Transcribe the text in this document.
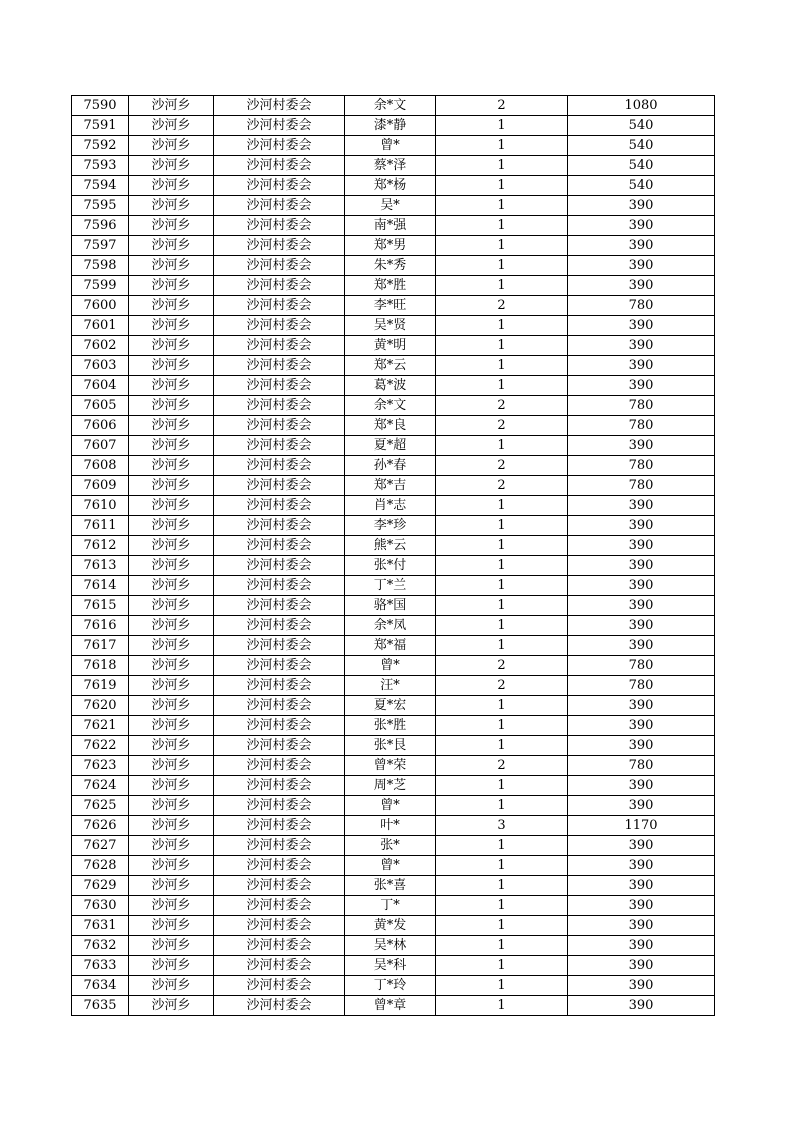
7590	沙河乡	沙河村委会	余*文	2	1080
7591	沙河乡	沙河村委会	漆*静	1	540
7592	沙河乡	沙河村委会	曾*	1	540
7593	沙河乡	沙河村委会	蔡*泽	1	540
7594	沙河乡	沙河村委会	郑*杨	1	540
7595	沙河乡	沙河村委会	吴*	1	390
7596	沙河乡	沙河村委会	南*强	1	390
7597	沙河乡	沙河村委会	郑*男	1	390
7598	沙河乡	沙河村委会	朱*秀	1	390
7599	沙河乡	沙河村委会	郑*胜	1	390
7600	沙河乡	沙河村委会	李*旺	2	780
7601	沙河乡	沙河村委会	吴*贤	1	390
7602	沙河乡	沙河村委会	黄*明	1	390
7603	沙河乡	沙河村委会	郑*云	1	390
7604	沙河乡	沙河村委会	葛*波	1	390
7605	沙河乡	沙河村委会	余*文	2	780
7606	沙河乡	沙河村委会	郑*良	2	780
7607	沙河乡	沙河村委会	夏*超	1	390
7608	沙河乡	沙河村委会	孙*春	2	780
7609	沙河乡	沙河村委会	郑*吉	2	780
7610	沙河乡	沙河村委会	肖*志	1	390
7611	沙河乡	沙河村委会	李*珍	1	390
7612	沙河乡	沙河村委会	熊*云	1	390
7613	沙河乡	沙河村委会	张*付	1	390
7614	沙河乡	沙河村委会	丁*兰	1	390
7615	沙河乡	沙河村委会	骆*国	1	390
7616	沙河乡	沙河村委会	余*凤	1	390
7617	沙河乡	沙河村委会	郑*福	1	390
7618	沙河乡	沙河村委会	曾*	2	780
7619	沙河乡	沙河村委会	汪*	2	780
7620	沙河乡	沙河村委会	夏*宏	1	390
7621	沙河乡	沙河村委会	张*胜	1	390
7622	沙河乡	沙河村委会	张*艮	1	390
7623	沙河乡	沙河村委会	曾*荣	2	780
7624	沙河乡	沙河村委会	周*芝	1	390
7625	沙河乡	沙河村委会	曾*	1	390
7626	沙河乡	沙河村委会	叶*	3	1170
7627	沙河乡	沙河村委会	张*	1	390
7628	沙河乡	沙河村委会	曾*	1	390
7629	沙河乡	沙河村委会	张*喜	1	390
7630	沙河乡	沙河村委会	丁*	1	390
7631	沙河乡	沙河村委会	黄*发	1	390
7632	沙河乡	沙河村委会	吴*林	1	390
7633	沙河乡	沙河村委会	吴*科	1	390
7634	沙河乡	沙河村委会	丁*玲	1	390
7635	沙河乡	沙河村委会	曾*章	1	390
